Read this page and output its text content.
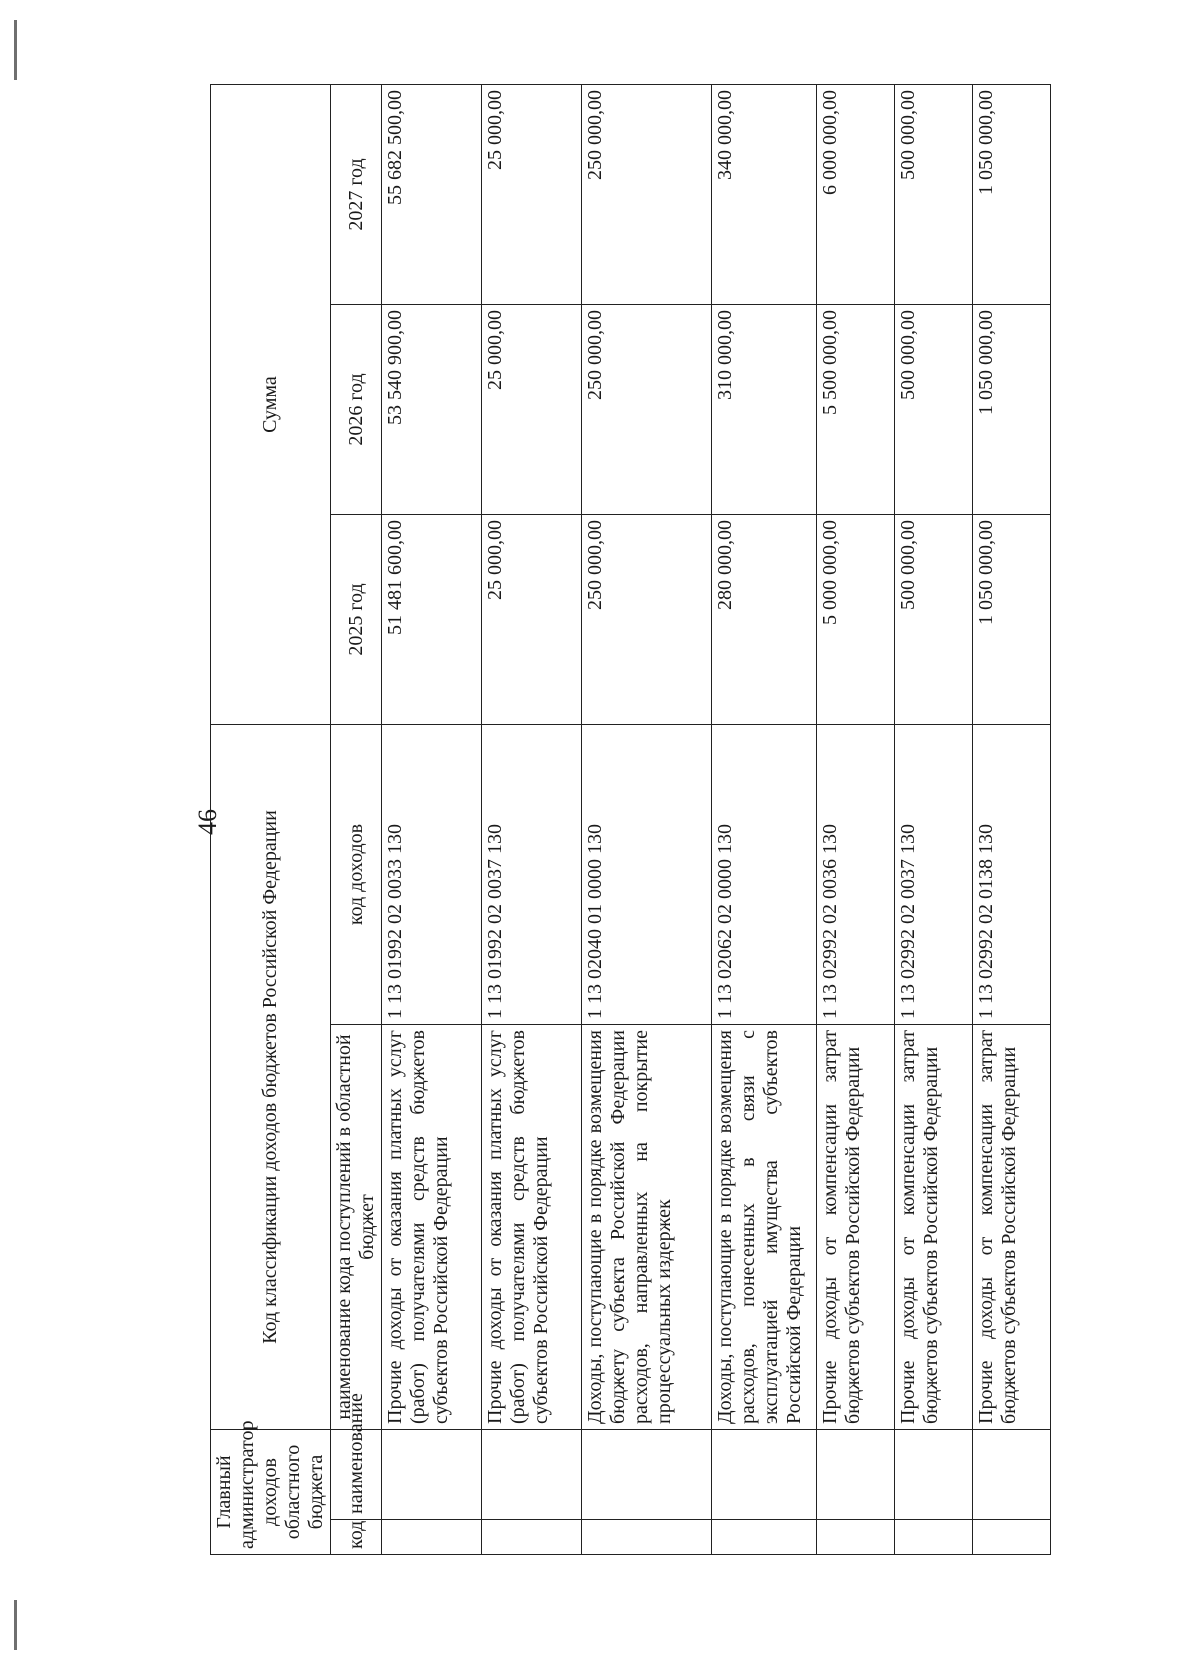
46
Главный администратор доходов областного бюджета		Код классификации доходов бюджетов Российской Федерации		Сумма		
код	наименование	наименование кода поступлений в областной бюджет	код доходов	2025 год	2026 год	2027 год
		Прочие доходы от оказания платных услуг (работ) получателями средств бюджетов субъектов Российской Федерации	1 13 01992 02 0033 130	51 481 600,00	53 540 900,00	55 682 500,00
		Прочие доходы от оказания платных услуг (работ) получателями средств бюджетов субъектов Российской Федерации	1 13 01992 02 0037 130	25 000,00	25 000,00	25 000,00
		Доходы, поступающие в порядке возмещения бюджету субъекта Российской Федерации расходов, направленных на покрытие процессуальных издержек	1 13 02040 01 0000 130	250 000,00	250 000,00	250 000,00
		Доходы, поступающие в порядке возмещения расходов, понесенных в связи с эксплуатацией имущества субъектов Российской Федерации	1 13 02062 02 0000 130	280 000,00	310 000,00	340 000,00
		Прочие доходы от компенсации затрат бюджетов субъектов Российской Федерации	1 13 02992 02 0036 130	5 000 000,00	5 500 000,00	6 000 000,00
		Прочие доходы от компенсации затрат бюджетов субъектов Российской Федерации	1 13 02992 02 0037 130	500 000,00	500 000,00	500 000,00
		Прочие доходы от компенсации затрат бюджетов субъектов Российской Федерации	1 13 02992 02 0138 130	1 050 000,00	1 050 000,00	1 050 000,00
